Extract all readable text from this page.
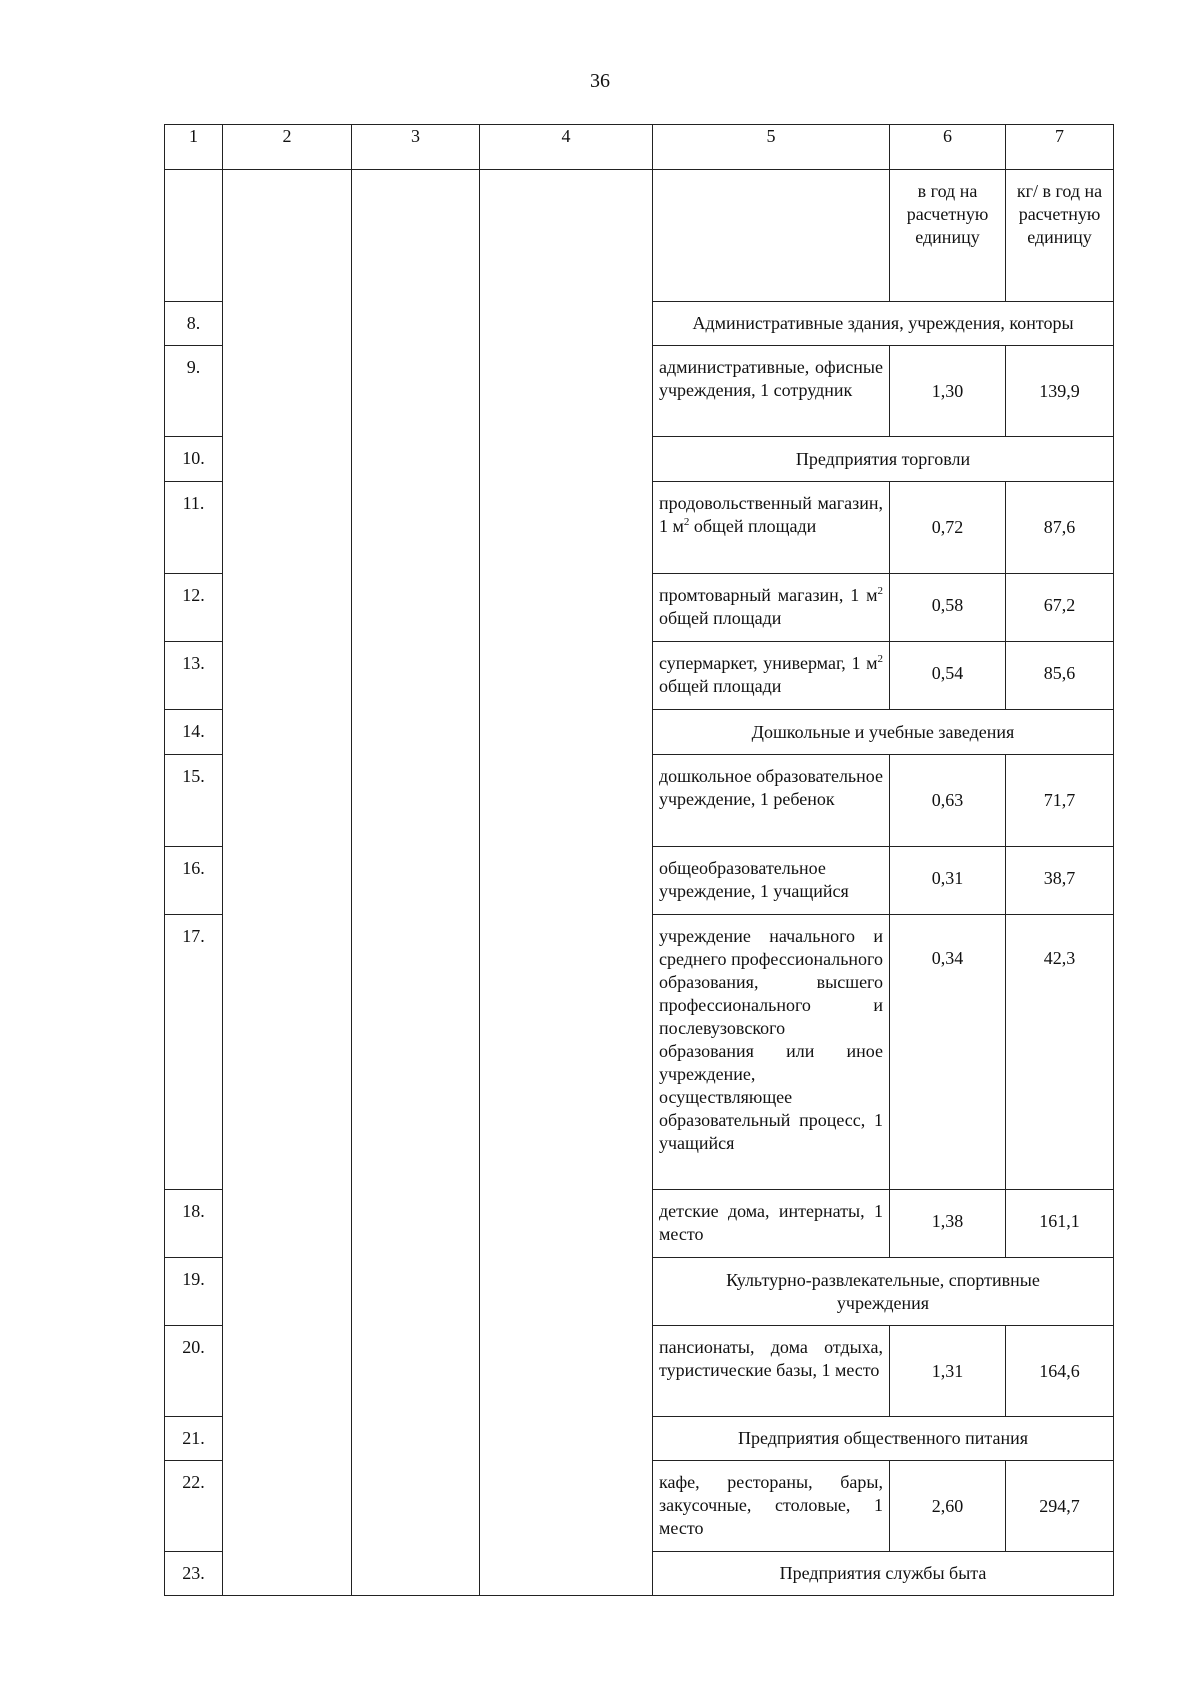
36
1	2	3	4	5	6	7
					в год на расчетную единицу	кг/ в год на расчетную единицу
8.				Административные здания, учреждения, конторы		
9.				административные, офисные учреждения, 1 сотрудник	1,30	139,9
10.				Предприятия торговли		
11.				продовольственный магазин, 1 $м^2$ общей площади	0,72	87,6
12.				промтоварный магазин, 1 $м^2$ общей площади	0,58	67,2
13.				супермаркет, универмаг, 1 $м^2$ общей площади	0,54	85,6
14.				Дошкольные и учебные заведения		
15.				дошкольное образовательное учреждение, 1 ребенок	0,63	71,7
16.				общеобразовательное учреждение, 1 учащийся	0,31	38,7
17.				учреждение начального и среднего профессионального образования, высшего профессионального и послевузовского образования или иное учреждение, осуществляющее образовательный процесс, 1 учащийся	0,34	42,3
18.				детские дома, интернаты, 1 место	1,38	161,1
19.				Культурно-развлекательные, спортивные учреждения		
20.				пансионаты, дома отдыха, туристические базы, 1 место	1,31	164,6
21.				Предприятия общественного питания		
22.				кафе, рестораны, бары, закусочные, столовые, 1 место	2,60	294,7
23.				Предприятия службы быта		
